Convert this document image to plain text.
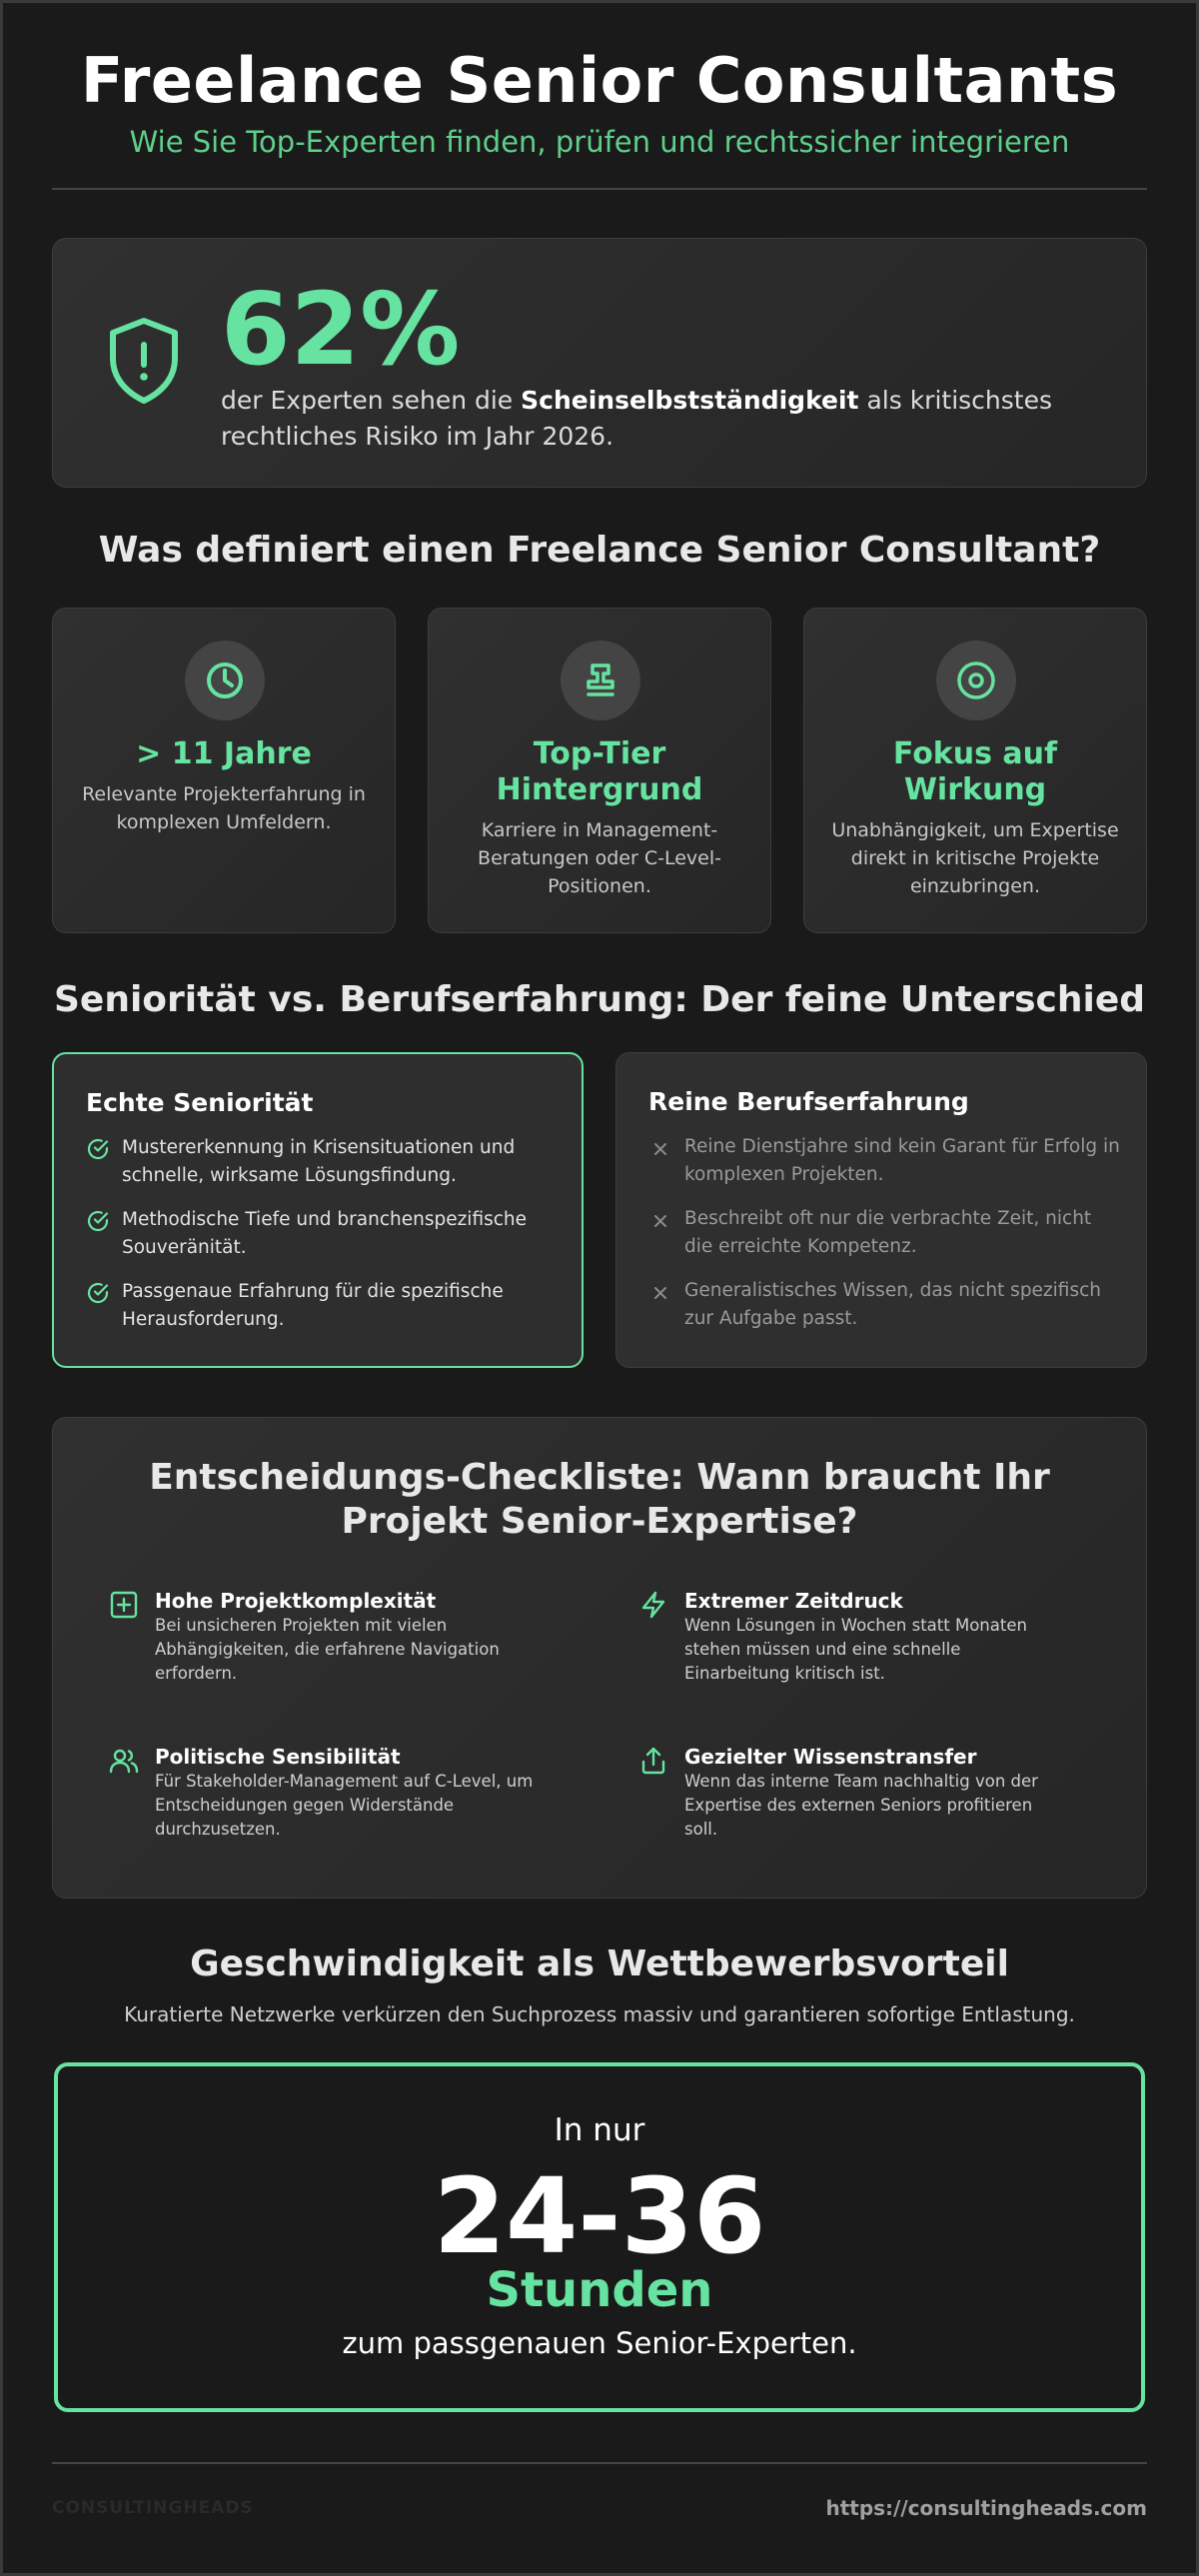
Freelance Senior Consultants
Wie Sie Top-Experten finden, prüfen und rechtssicher integrieren
62%
der Experten sehen die Scheinselbstständigkeit als kritischstes rechtliches Risiko im Jahr 2026.
Was definiert einen Freelance Senior Consultant?
> 11 Jahre
Relevante Projekterfahrung in komplexen Umfeldern.
Top-Tier Hintergrund
Karriere in Management-Beratungen oder C-Level-Positionen.
Fokus auf Wirkung
Unabhängigkeit, um Expertise direkt in kritische Projekte einzubringen.
Seniorität vs. Berufserfahrung: Der feine Unterschied
Echte Seniorität
Mustererkennung in Krisensituationen und schnelle, wirksame Lösungsfindung.
Methodische Tiefe und branchenspezifische Souveränität.
Passgenaue Erfahrung für die spezifische Herausforderung.
Reine Berufserfahrung
Reine Dienstjahre sind kein Garant für Erfolg in komplexen Projekten.
Beschreibt oft nur die verbrachte Zeit, nicht die erreichte Kompetenz.
Generalistisches Wissen, das nicht spezifisch zur Aufgabe passt.
Entscheidungs-Checkliste: Wann braucht Ihr Projekt Senior-Expertise?
Hohe Projektkomplexität
Bei unsicheren Projekten mit vielen Abhängigkeiten, die erfahrene Navigation erfordern.
Extremer Zeitdruck
Wenn Lösungen in Wochen statt Monaten stehen müssen und eine schnelle Einarbeitung kritisch ist.
Politische Sensibilität
Für Stakeholder-Management auf C-Level, um Entscheidungen gegen Widerstände durchzusetzen.
Gezielter Wissenstransfer
Wenn das interne Team nachhaltig von der Expertise des externen Seniors profitieren soll.
Geschwindigkeit als Wettbewerbsvorteil
Kuratierte Netzwerke verkürzen den Suchprozess massiv und garantieren sofortige Entlastung.
In nur
24-36
Stunden
zum passgenauen Senior-Experten.
CONSULTINGHEADS	https://consultingheads.com
